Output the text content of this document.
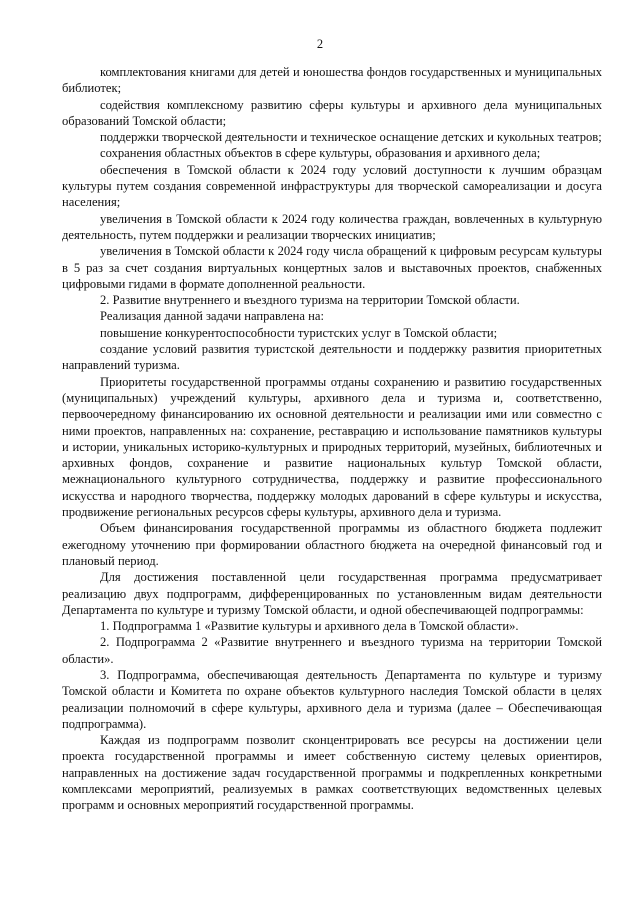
2

комплектования книгами для детей и юношества фондов государственных и муниципальных библиотек;

содействия комплексному развитию сферы культуры и архивного дела муниципальных образований Томской области;

поддержки творческой деятельности и техническое оснащение детских и кукольных театров;

сохранения областных объектов в сфере культуры, образования и архивного дела;

обеспечения в Томской области к 2024 году условий доступности к лучшим образцам культуры путем создания современной инфраструктуры для творческой самореализации и досуга населения;

увеличения в Томской области к 2024 году количества граждан, вовлеченных в культурную деятельность, путем поддержки и реализации творческих инициатив;

увеличения в Томской области к 2024 году числа обращений к цифровым ресурсам культуры в 5 раз за счет создания виртуальных концертных залов и выставочных проектов, снабженных цифровыми гидами в формате дополненной реальности.

2. Развитие внутреннего и въездного туризма на территории Томской области.

Реализация данной задачи направлена на:

повышение конкурентоспособности туристских услуг в Томской области;

создание условий развития туристской деятельности и поддержку развития приоритетных направлений туризма.

Приоритеты государственной программы отданы сохранению и развитию государственных (муниципальных) учреждений культуры, архивного дела и туризма и, соответственно, первоочередному финансированию их основной деятельности и реализации ими или совместно с ними проектов, направленных на: сохранение, реставрацию и использование памятников культуры и истории, уникальных историко-культурных и природных территорий, музейных, библиотечных и архивных фондов, сохранение и развитие национальных культур Томской области, межнационального культурного сотрудничества, поддержку и развитие профессионального искусства и народного творчества, поддержку молодых дарований в сфере культуры и искусства, продвижение региональных ресурсов сферы культуры, архивного дела и туризма.

Объем финансирования государственной программы из областного бюджета подлежит ежегодному уточнению при формировании областного бюджета на очередной финансовый год и плановый период.

Для достижения поставленной цели государственная программа предусматривает реализацию двух подпрограмм, дифференцированных по установленным видам деятельности Департамента по культуре и туризму Томской области, и одной обеспечивающей подпрограммы:

1. Подпрограмма 1 «Развитие культуры и архивного дела в Томской области».

2. Подпрограмма 2 «Развитие внутреннего и въездного туризма на территории Томской области».

3. Подпрограмма, обеспечивающая деятельность Департамента по культуре и туризму Томской области и Комитета по охране объектов культурного наследия Томской области в целях реализации полномочий в сфере культуры, архивного дела и туризма (далее – Обеспечивающая подпрограмма).

Каждая из подпрограмм позволит сконцентрировать все ресурсы на достижении цели проекта государственной программы и имеет собственную систему целевых ориентиров, направленных на достижение задач государственной программы и подкрепленных конкретными комплексами мероприятий, реализуемых в рамках соответствующих ведомственных целевых программ и основных мероприятий государственной программы.
